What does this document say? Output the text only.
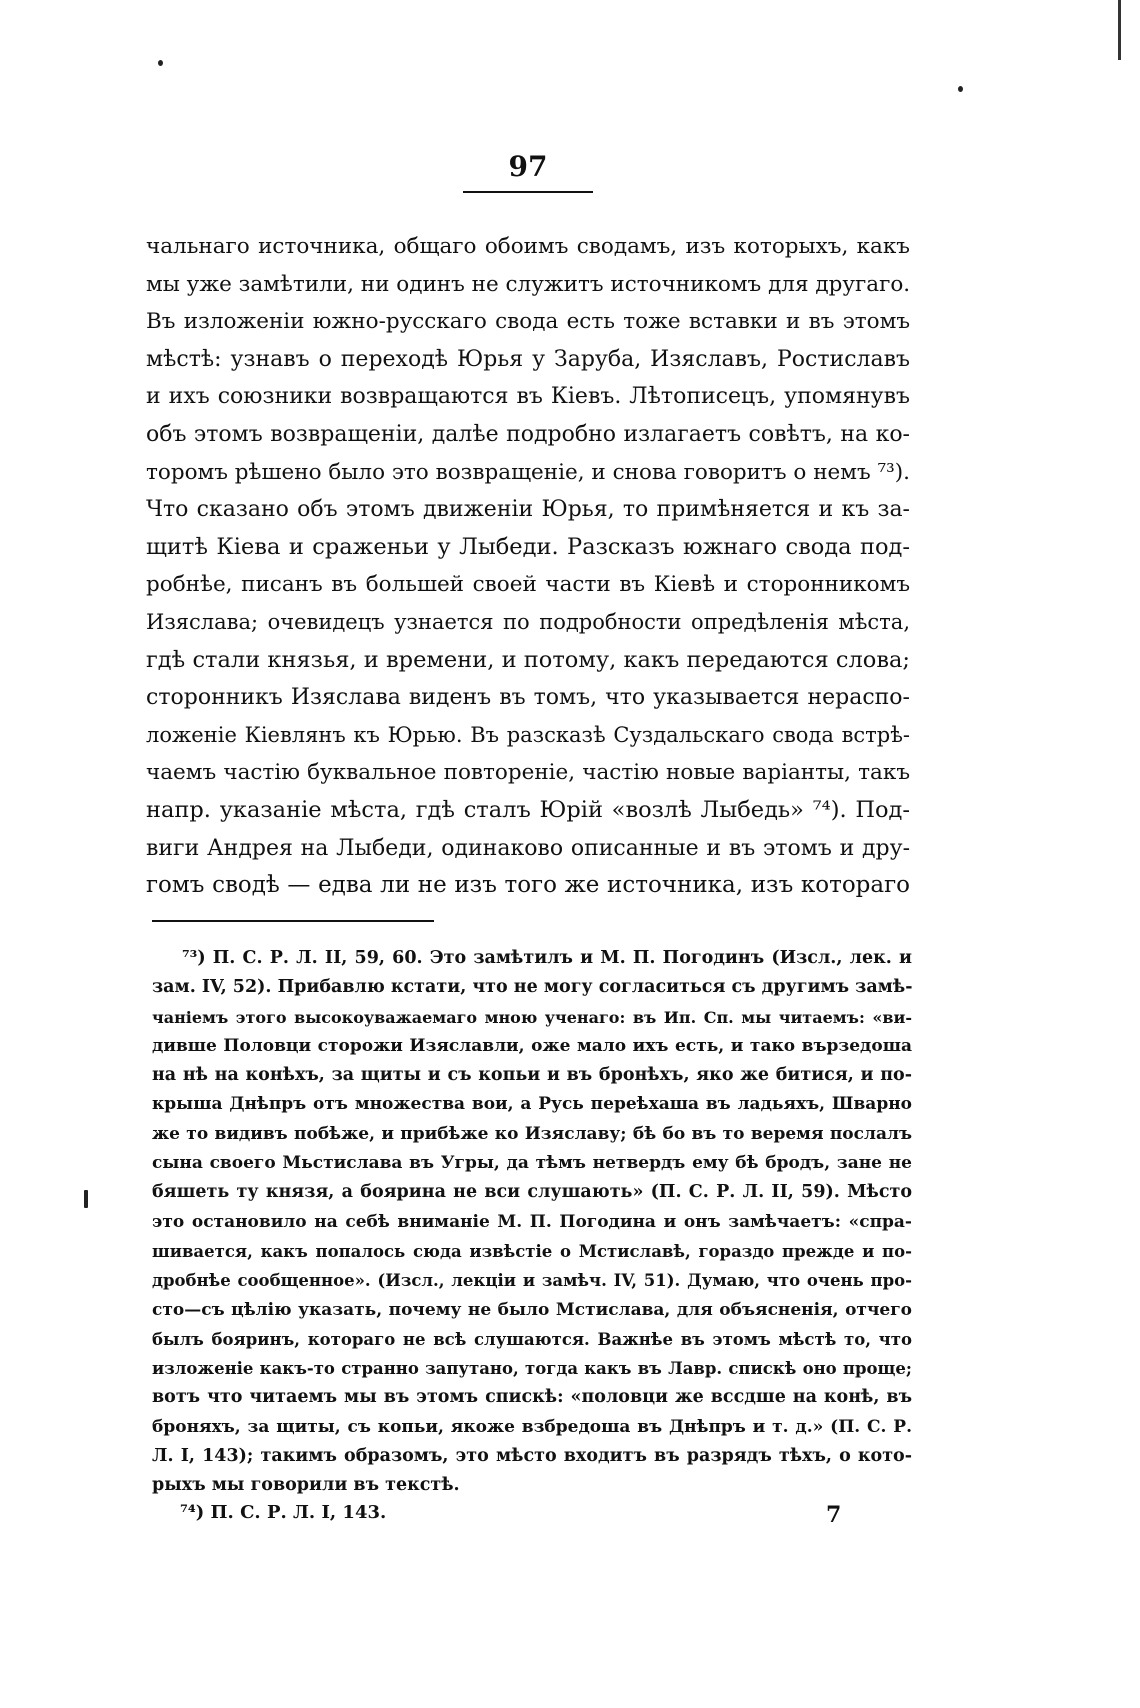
97
чальнаго источника, общаго обоимъ сводамъ, изъ которыхъ, какъ
мы уже замѣтили, ни одинъ не служитъ источникомъ для другаго.
Въ изложеніи южно-русскаго свода есть тоже вставки и въ этомъ
мѣстѣ: узнавъ о переходѣ Юрья у Заруба, Изяславъ, Ростиславъ
и ихъ союзники возвращаются въ Кіевъ. Лѣтописецъ, упомянувъ
объ этомъ возвращеніи, далѣе подробно излагаетъ совѣтъ, на ко-
торомъ рѣшено было это возвращеніе, и снова говоритъ о немъ ⁷³).
Что сказано объ этомъ движеніи Юрья, то примѣняется и къ за-
щитѣ Кіева и сраженьи у Лыбеди. Разсказъ южнаго свода под-
робнѣе, писанъ въ большей своей части въ Кіевѣ и сторонникомъ
Изяслава; очевидецъ узнается по подробности опредѣленія мѣста,
гдѣ стали князья, и времени, и потому, какъ передаются слова;
сторонникъ Изяслава виденъ въ томъ, что указывается нераспо-
ложеніе Кіевлянъ къ Юрью. Въ разсказѣ Суздальскаго свода встрѣ-
чаемъ частію буквальное повтореніе, частію новые варіанты, такъ
напр. указаніе мѣста, гдѣ сталъ Юрій «возлѣ Лыбедь» ⁷⁴). Под-
виги Андрея на Лыбеди, одинаково описанные и въ этомъ и дру-
гомъ сводѣ — едва ли не изъ того же источника, изъ котораго
⁷³) П. С. Р. Л. II, 59, 60. Это замѣтилъ и М. П. Погодинъ (Изсл., лек. и
зам. IV, 52). Прибавлю кстати, что не могу согласиться съ другимъ замѣ-
чаніемъ этого высокоуважаемаго мною ученаго: въ Ип. Сп. мы читаемъ: «ви-
дивше Половци сторожи Изяславли, оже мало ихъ есть, и тако вързедоша
на нѣ на конѣхъ, за щиты и съ копьи и въ бронѣхъ, яко же битися, и по-
крыша Днѣпръ отъ множества вои, а Русь переѣхаша въ ладьяхъ, Шварно
же то видивъ побѣже, и прибѣже ко Изяславу; бѣ бо въ то веремя послалъ
сына своего Мьстислава въ Угры, да тѣмъ нетвердъ ему бѣ бродъ, зане не
бяшеть ту князя, а боярина не вси слушають» (П. С. Р. Л. II, 59). Мѣсто
это остановило на себѣ вниманіе М. П. Погодина и онъ замѣчаетъ: «спра-
шивается, какъ попалось сюда извѣстіе о Мстиславѣ, гораздо прежде и по-
дробнѣе сообщенное». (Изсл., лекціи и замѣч. IV, 51). Думаю, что очень про-
сто—съ цѣлію указать, почему не было Мстислава, для объясненія, отчего
былъ бояринъ, котораго не всѣ слушаются. Важнѣе въ этомъ мѣстѣ то, что
изложеніе какъ-то странно запутано, тогда какъ въ Лавр. спискѣ оно проще;
вотъ что читаемъ мы въ этомъ спискѣ: «половци же вссдше на конѣ, въ
броняхъ, за щиты, съ копьи, якоже взбредоша въ Днѣпръ и т. д.» (П. С. Р.
Л. I, 143); такимъ образомъ, это мѣсто входитъ въ разрядъ тѣхъ, о кото-
рыхъ мы говорили въ текстѣ.
⁷⁴) П. С. Р. Л. I, 143.	7
